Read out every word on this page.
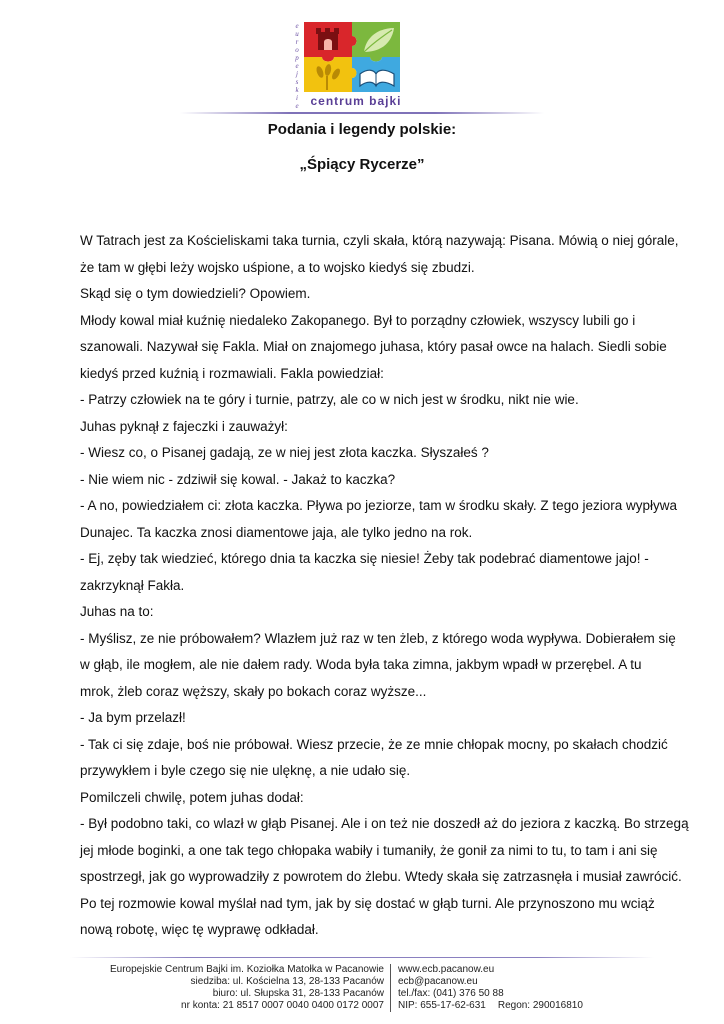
e
u
r
o
p
e
j
s
k
i
e centrum bajki
Podania i legendy polskie:
„Śpiący Rycerze”

W Tatrach jest za Kościeliskami taka turnia, czyli skała, którą nazywają: Pisana. Mówią o niej górale,

że tam w głębi leży wojsko uśpione, a to wojsko kiedyś się zbudzi.

Skąd się o tym dowiedzieli? Opowiem.

Młody kowal miał kuźnię niedaleko Zakopanego. Był to porządny człowiek, wszyscy lubili go i

szanowali. Nazywał się Fakla. Miał on znajomego juhasa, który pasał owce na halach. Siedli sobie

kiedyś przed kuźnią i rozmawiali. Fakla powiedział:

- Patrzy człowiek na te góry i turnie, patrzy, ale co w nich jest w środku, nikt nie wie.

Juhas pyknął z fajeczki i zauważył:

- Wiesz co, o Pisanej gadają, ze w niej jest złota kaczka. Słyszałeś ?

- Nie wiem nic - zdziwił się kowal. - Jakaż to kaczka?

- A no, powiedziałem ci: złota kaczka. Pływa po jeziorze, tam w środku skały. Z tego jeziora wypływa

Dunajec. Ta kaczka znosi diamentowe jaja, ale tylko jedno na rok.

- Ej, zęby tak wiedzieć, którego dnia ta kaczka się niesie! Żeby tak podebrać diamentowe jajo! -

zakrzyknął Fakła.

Juhas na to:

- Myślisz, ze nie próbowałem? Wlazłem już raz w ten żleb, z którego woda wypływa. Dobierałem się

w głąb, ile mogłem, ale nie dałem rady. Woda była taka zimna, jakbym wpadł w przerębel. A tu

mrok, żleb coraz węższy, skały po bokach coraz wyższe...

- Ja bym przelazł!

- Tak ci się zdaje, boś nie próbował. Wiesz przecie, że ze mnie chłopak mocny, po skałach chodzić

przywykłem i byle czego się nie ulęknę, a nie udało się.

Pomilczeli chwilę, potem juhas dodał:

- Był podobno taki, co wlazł w głąb Pisanej. Ale i on też nie doszedł aż do jeziora z kaczką. Bo strzegą

jej młode boginki, a one tak tego chłopaka wabiły i tumaniły, że gonił za nimi to tu, to tam i ani się

spostrzegł, jak go wyprowadziły z powrotem do żlebu. Wtedy skała się zatrzasnęła i musiał zawrócić.

Po tej rozmowie kowal myślał nad tym, jak by się dostać w głąb turni. Ale przynoszono mu wciąż

nową robotę, więc tę wyprawę odkładał.

Europejskie Centrum Bajki im. Koziołka Matołka w Pacanowie
siedziba: ul. Kościelna 13, 28-133 Pacanów
biuro: ul. Słupska 31, 28-133 Pacanów
nr konta: 21 8517 0007 0040 0400 0172 0007
www.ecb.pacanow.eu
ecb@pacanow.eu
tel./fax: (041) 376 50 88
NIP: 655-17-62-631 Regon: 290016810
